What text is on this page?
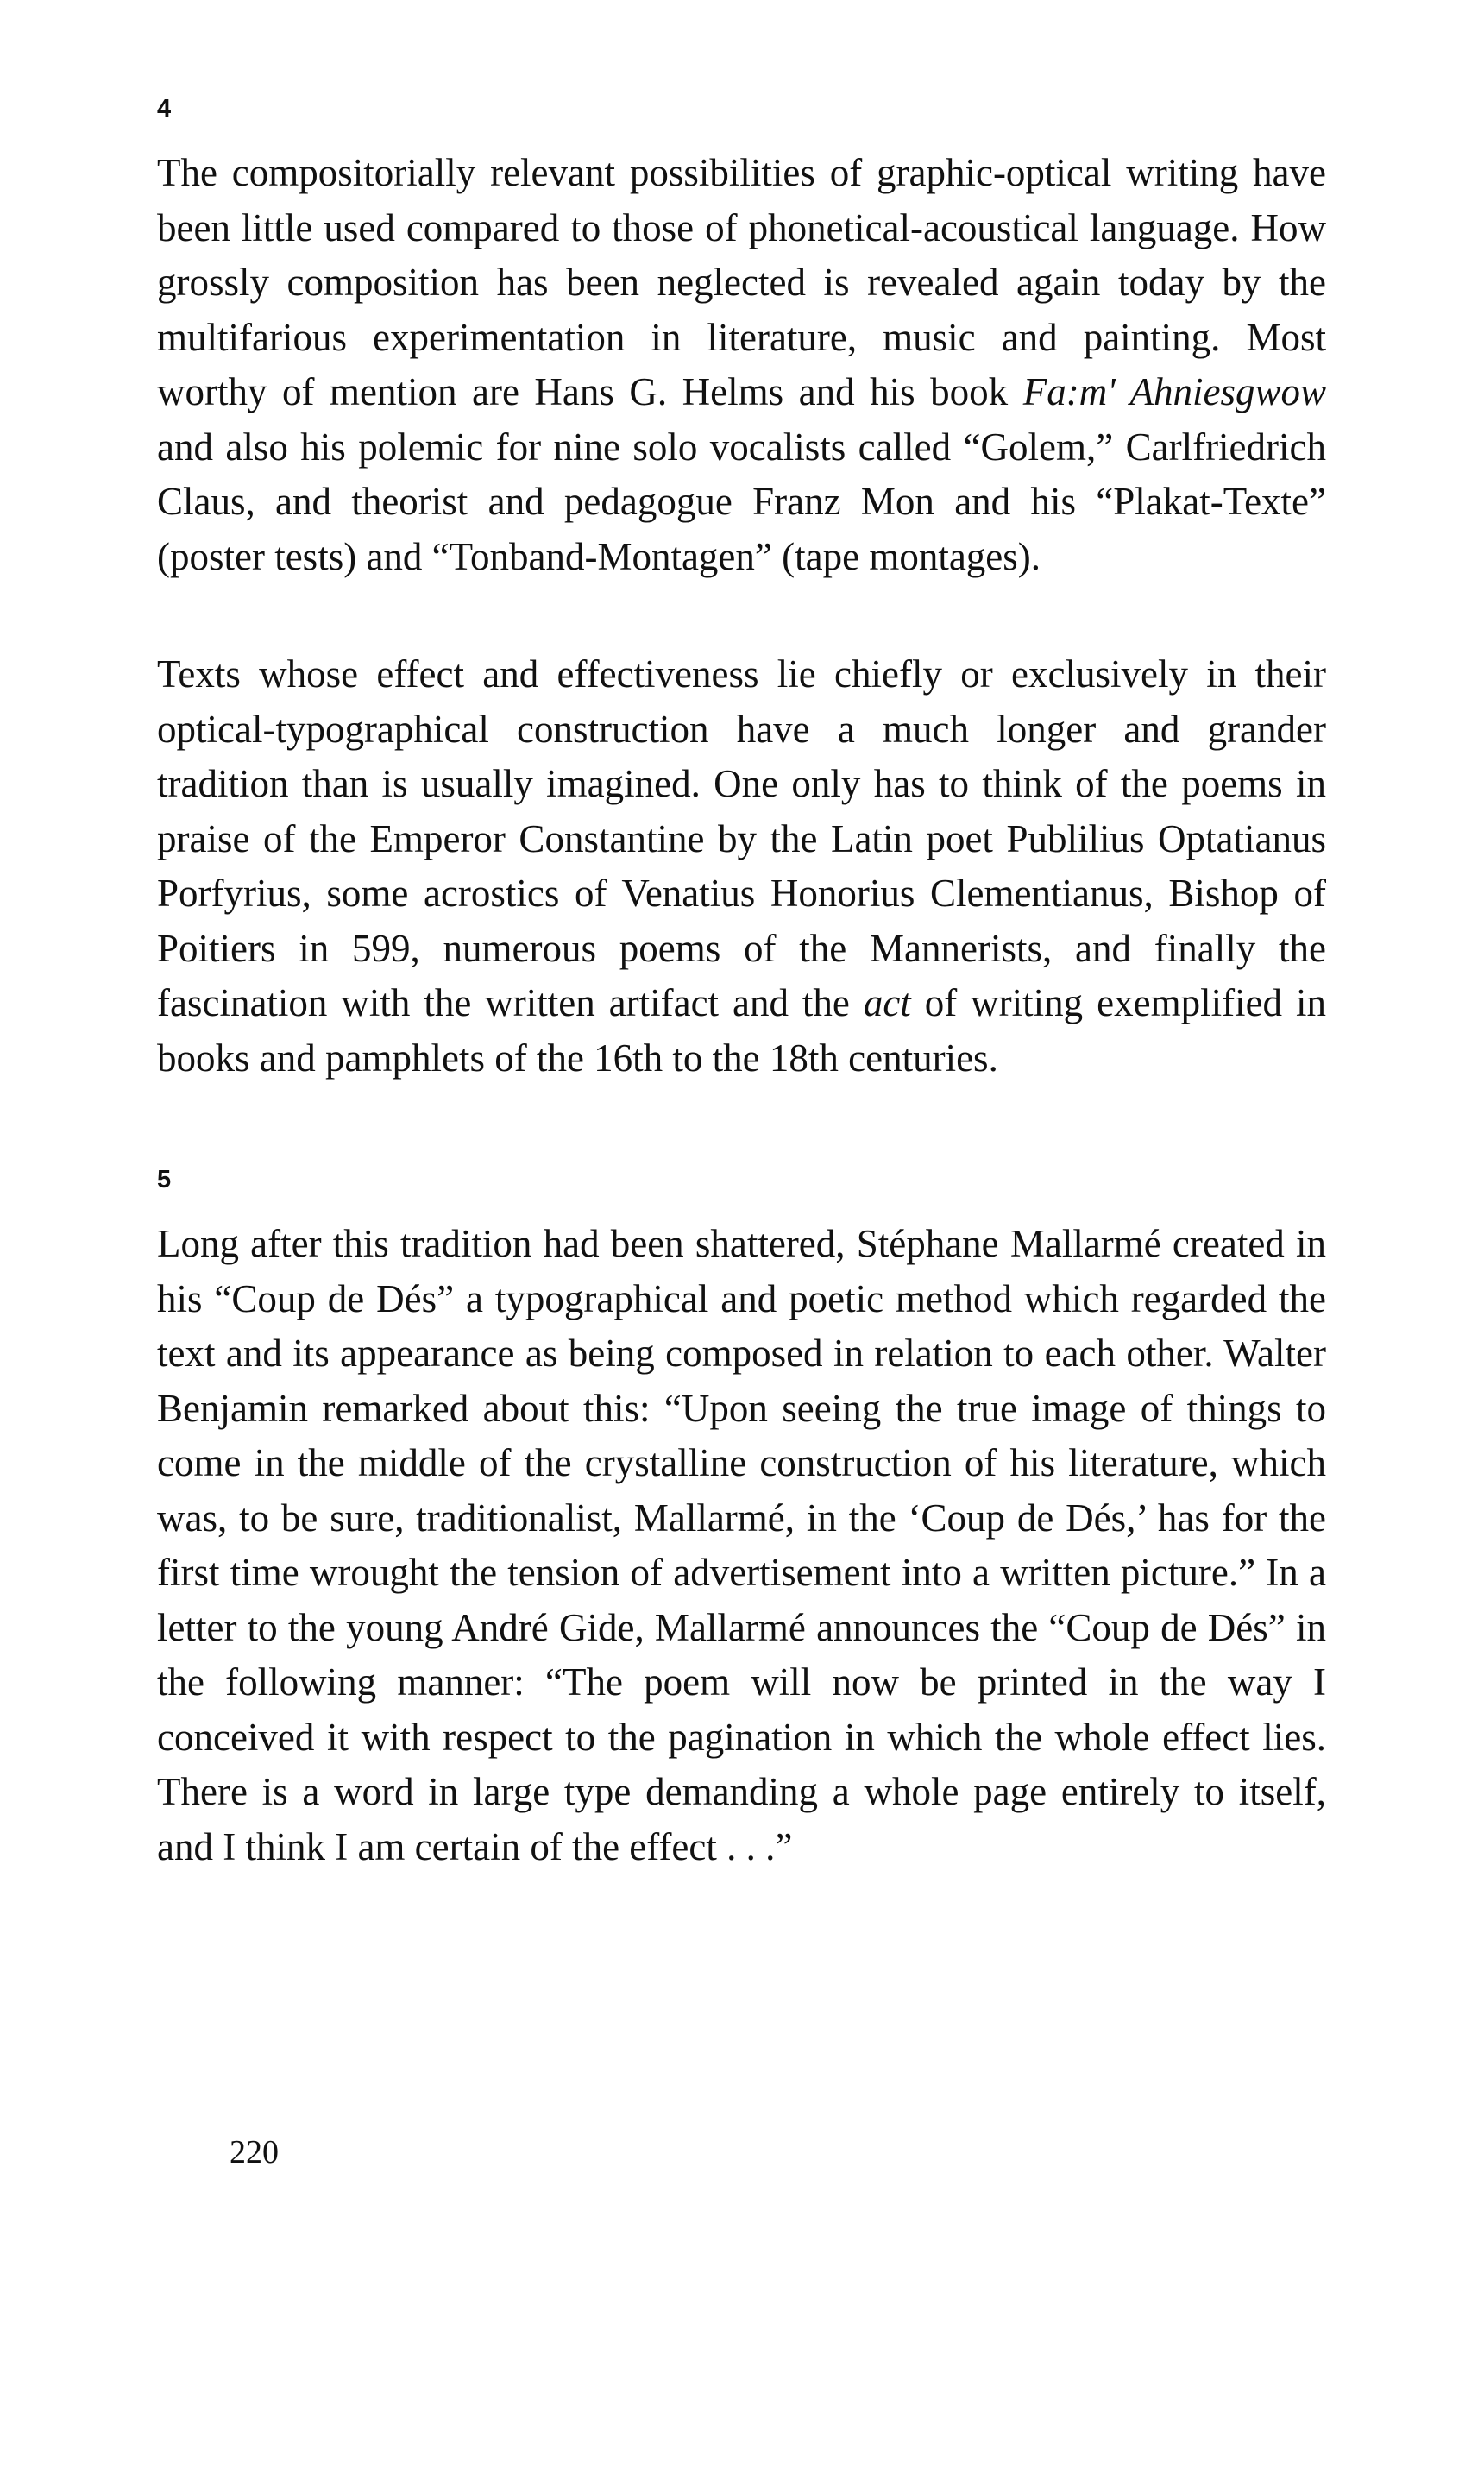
4

The compositorially relevant possibilities of graphic-optical writing have been little used compared to those of phonetical-acoustical language. How grossly composition has been neglected is revealed again today by the multifarious experimentation in literature, music and painting. Most worthy of mention are Hans G. Helms and his book Fa:m' Ahniesgwow and also his polemic for nine solo vocalists called “Golem,” Carlfriedrich Claus, and theorist and pedagogue Franz Mon and his “Plakat-Texte” (poster tests) and “Tonband-Montagen” (tape montages).

Texts whose effect and effectiveness lie chiefly or exclusively in their optical-typographical construction have a much longer and grander tradition than is usually imagined. One only has to think of the poems in praise of the Emperor Constantine by the Latin poet Publilius Optatianus Porfyrius, some acrostics of Venatius Honorius Clementianus, Bishop of Poitiers in 599, numerous poems of the Mannerists, and finally the fascination with the written artifact and the act of writing exemplified in books and pamphlets of the 16th to the 18th centuries.

5

Long after this tradition had been shattered, Stéphane Mallarmé created in his “Coup de Dés” a typographical and poetic method which regarded the text and its appearance as being composed in relation to each other. Walter Benjamin remarked about this: “Upon seeing the true image of things to come in the middle of the crystalline construction of his literature, which was, to be sure, traditionalist, Mallarmé, in the ‘Coup de Dés,’ has for the first time wrought the tension of advertisement into a written picture.” In a letter to the young André Gide, Mallarmé announces the “Coup de Dés” in the following manner: “The poem will now be printed in the way I conceived it with respect to the pagination in which the whole effect lies. There is a word in large type demanding a whole page entirely to itself, and I think I am certain of the effect . . .”

220
